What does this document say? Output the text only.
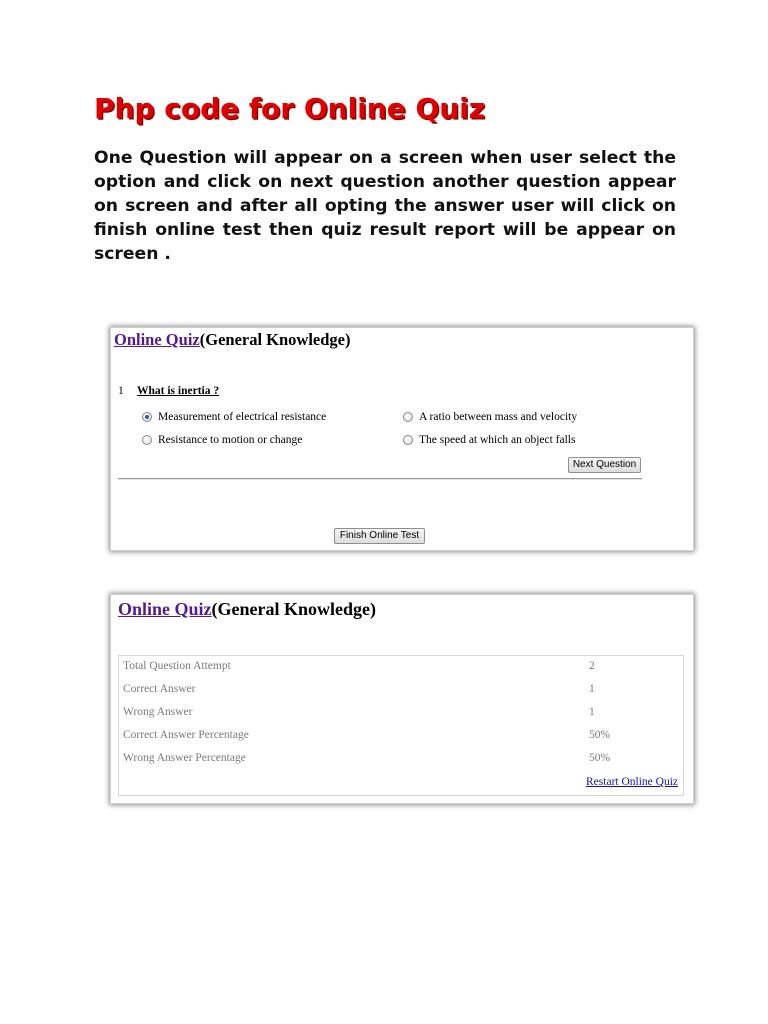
Php code for Online Quiz

One Question will appear on a screen when user select the option and click on next question another question appear on screen and after all opting the answer user will click on finish online test then quiz result report will be appear on screen .

Online Quiz(General Knowledge)
1 What is inertia ?
Measurement of electrical resistance	A ratio between mass and velocity
Resistance to motion or change	The speed at which an object falls
Next Question
Finish Online Test
Online Quiz(General Knowledge)
Total Question Attempt	2
Correct Answer	1
Wrong Answer	1
Correct Answer Percentage	50%
Wrong Answer Percentage	50%
Restart Online Quiz
